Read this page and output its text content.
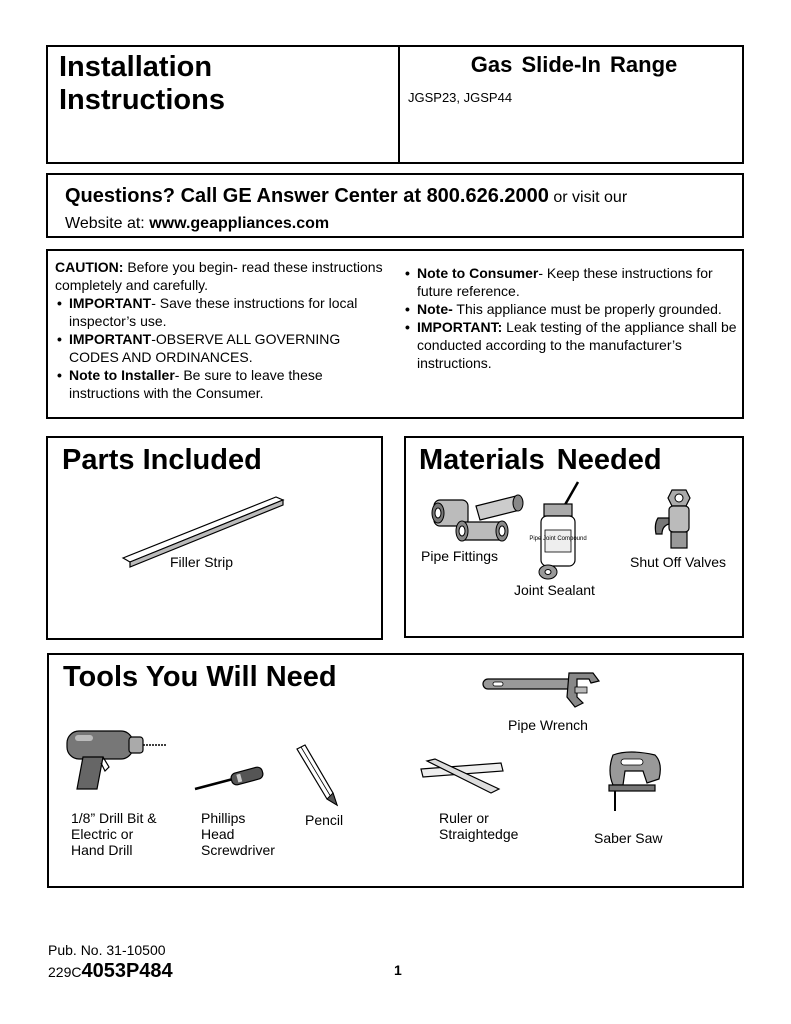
Installation
Instructions
Gas Slide-In Range
JGSP23, JGSP44
Questions? Call GE Answer Center at 800.626.2000 or visit our
Website at: www.geappliances.com
CAUTION: Before you begin- read these instructions completely and carefully.
• IMPORTANT- Save these instructions for local inspector’s use.
• IMPORTANT-OBSERVE ALL GOVERNING CODES AND ORDINANCES.
• Note to Installer- Be sure to leave these instructions with the Consumer.
• Note to Consumer- Keep these instructions for future reference.
• Note- This appliance must be properly grounded.
• IMPORTANT: Leak testing of the appliance shall be conducted according to the manufacturer’s instructions.
Parts Included
Filler Strip
Materials Needed
Pipe Fittings
Pipe Joint Compound
Joint Sealant
Shut Off Valves
Tools You Will Need
Pipe Wrench
1/8” Drill Bit &
Electric or
Hand Drill
Phillips
Head
Screwdriver
Pencil	Ruler or
Straightedge	Saber Saw
Pub. No. 31-10500
229C4053P484	1
